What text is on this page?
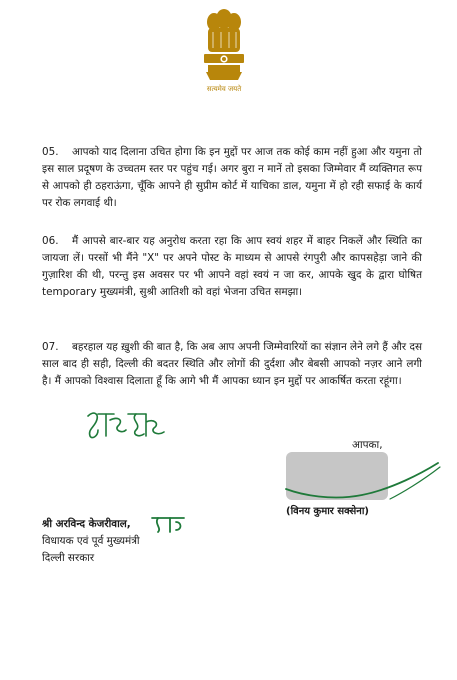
सत्यमेव जयते
05. आपको याद दिलाना उचित होगा कि इन मुद्दों पर आज तक कोई काम नहीं हुआ और यमुना तो इस साल प्रदूषण के उच्चतम स्तर पर पहुंच गई। अगर बुरा न मानें तो इसका जिम्मेवार मैं व्यक्तिगत रूप से आपको ही ठहराऊंगा, चूँकि आपने ही सुप्रीम कोर्ट में याचिका डाल, यमुना में हो रही सफाई के कार्य पर रोक लगवाई थी।
06. मैं आपसे बार-बार यह अनुरोध करता रहा कि आप स्वयं शहर में बाहर निकलें और स्थिति का जायजा लें। परसों भी मैंने "X" पर अपने पोस्ट के माध्यम से आपसे रंगपुरी और कापसहेड़ा जाने की गुज़ारिश की थी, परन्तु इस अवसर पर भी आपने वहां स्वयं न जा कर, आपके खुद के द्वारा घोषित temporary मुख्यमंत्री, सुश्री आतिशी को वहां भेजना उचित समझा।
07. बहरहाल यह ख़ुशी की बात है, कि अब आप अपनी जिम्मेवारियों का संज्ञान लेने लगे हैं और दस साल बाद ही सही, दिल्ली की बदतर स्थिति और लोगों की दुर्दशा और बेबसी आपको नज़र आने लगी है। मैं आपको विश्वास दिलाता हूँ कि आगे भी मैं आपका ध्यान इन मुद्दों पर आकर्षित करता रहूंगा।
आपका,
(विनय कुमार सक्सेना)
श्री अरविन्द केजरीवाल,
विधायक एवं पूर्व मुख्यमंत्री
दिल्ली सरकार
